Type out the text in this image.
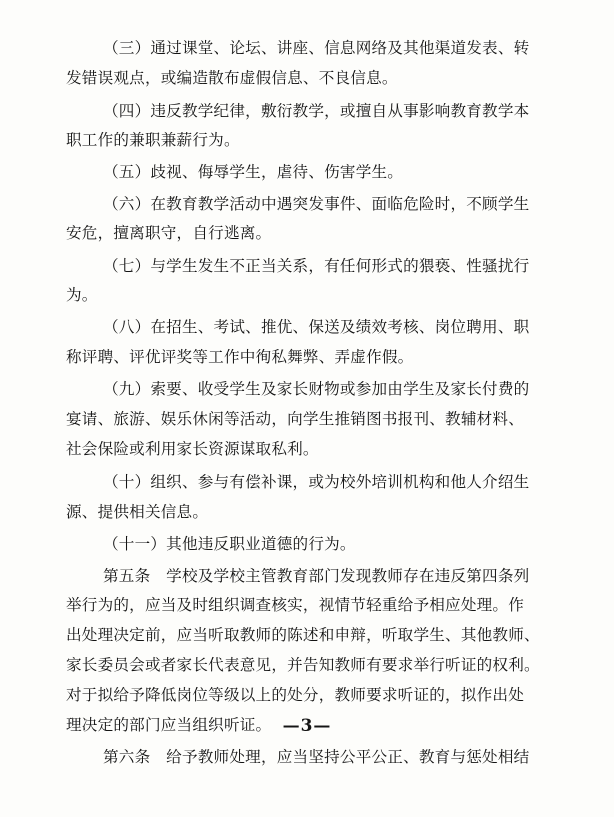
（三）通过课堂、论坛、讲座、信息网络及其他渠道发表、转
发错误观点，或编造散布虚假信息、不良信息。
（四）违反教学纪律，敷衍教学，或擅自从事影响教育教学本
职工作的兼职兼薪行为。
（五）歧视、侮辱学生，虐待、伤害学生。
（六）在教育教学活动中遇突发事件、面临危险时，不顾学生
安危，擅离职守，自行逃离。
（七）与学生发生不正当关系，有任何形式的猥亵、性骚扰行
为。
（八）在招生、考试、推优、保送及绩效考核、岗位聘用、职
称评聘、评优评奖等工作中徇私舞弊、弄虚作假。
（九）索要、收受学生及家长财物或参加由学生及家长付费的
宴请、旅游、娱乐休闲等活动，向学生推销图书报刊、教辅材料、
社会保险或利用家长资源谋取私利。
（十）组织、参与有偿补课，或为校外培训机构和他人介绍生
源、提供相关信息。
（十一）其他违反职业道德的行为。
第五条　学校及学校主管教育部门发现教师存在违反第四条列
举行为的，应当及时组织调查核实，视情节轻重给予相应处理。作
出处理决定前，应当听取教师的陈述和申辩，听取学生、其他教师、
家长委员会或者家长代表意见，并告知教师有要求举行听证的权利。
对于拟给予降低岗位等级以上的处分，教师要求听证的，拟作出处
理决定的部门应当组织听证。
第六条　给予教师处理，应当坚持公平公正、教育与惩处相结
—3—
